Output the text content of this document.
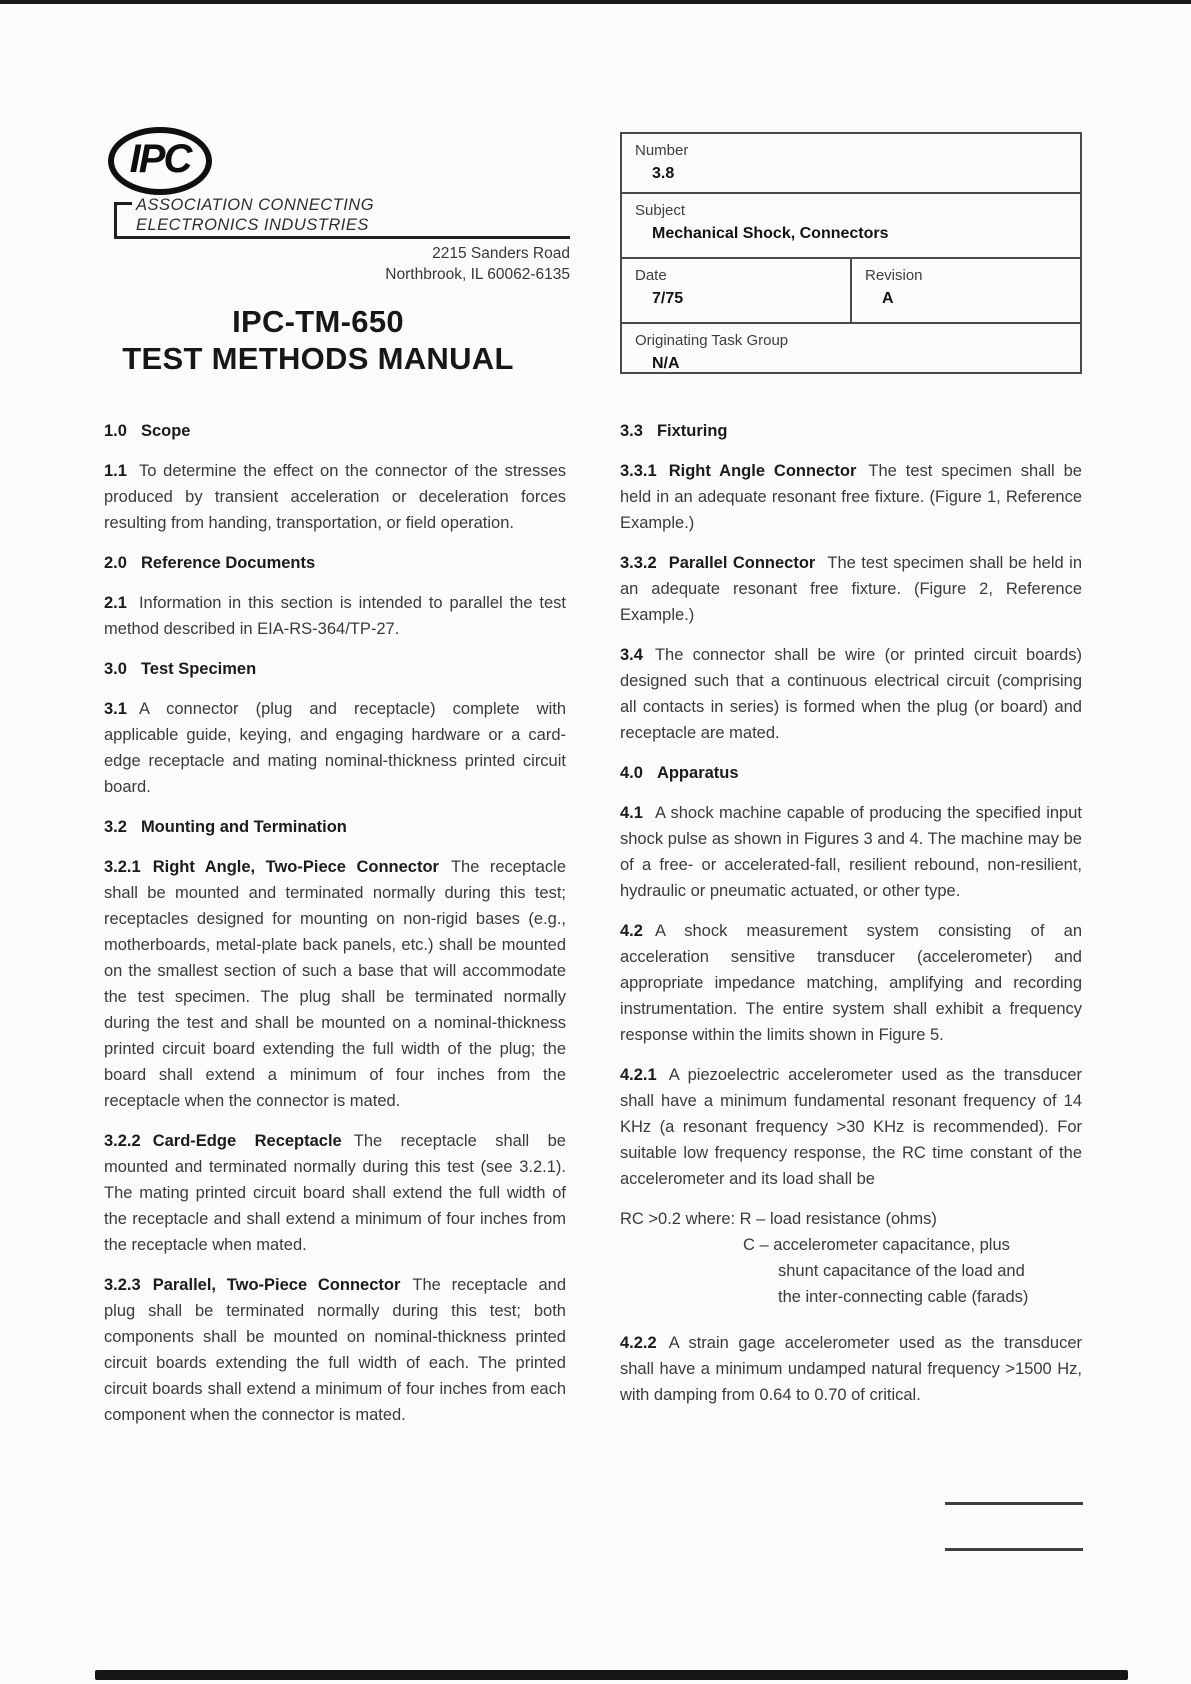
IPC
ASSOCIATION CONNECTING
ELECTRONICS INDUSTRIES
2215 Sanders Road
Northbrook, IL 60062-6135
IPC-TM-650
TEST METHODS MANUAL
Number
3.8
Subject
Mechanical Shock, Connectors
Date
7/75
Revision
A
Originating Task Group
N/A
1.0 Scope
1.1 To determine the effect on the connector of the stresses produced by transient acceleration or deceleration forces resulting from handing, transportation, or field operation.
2.0 Reference Documents
2.1 Information in this section is intended to parallel the test method described in EIA-RS-364/TP-27.
3.0 Test Specimen
3.1 A connector (plug and receptacle) complete with applicable guide, keying, and engaging hardware or a card- edge receptacle and mating nominal-thickness printed circuit board.
3.2 Mounting and Termination
3.2.1 Right Angle, Two-Piece Connector The receptacle shall be mounted and terminated normally during this test; receptacles designed for mounting on non-rigid bases (e.g., motherboards, metal-plate back panels, etc.) shall be mounted on the smallest section of such a base that will accommodate the test specimen. The plug shall be terminated normally during the test and shall be mounted on a nominal-thickness printed circuit board extending the full width of the plug; the board shall extend a minimum of four inches from the receptacle when the connector is mated.
3.2.2 Card-Edge Receptacle The receptacle shall be mounted and terminated normally during this test (see 3.2.1). The mating printed circuit board shall extend the full width of the receptacle and shall extend a minimum of four inches from the receptacle when mated.
3.2.3 Parallel, Two-Piece Connector The receptacle and plug shall be terminated normally during this test; both components shall be mounted on nominal-thickness printed circuit boards extending the full width of each. The printed circuit boards shall extend a minimum of four inches from each component when the connector is mated.
3.3 Fixturing
3.3.1 Right Angle Connector The test specimen shall be held in an adequate resonant free fixture. (Figure 1, Reference Example.)
3.3.2 Parallel Connector The test specimen shall be held in an adequate resonant free fixture. (Figure 2, Reference Example.)
3.4 The connector shall be wire (or printed circuit boards) designed such that a continuous electrical circuit (comprising all contacts in series) is formed when the plug (or board) and receptacle are mated.
4.0 Apparatus
4.1 A shock machine capable of producing the specified input shock pulse as shown in Figures 3 and 4. The machine may be of a free- or accelerated-fall, resilient rebound, non-resilient, hydraulic or pneumatic actuated, or other type.
4.2 A shock measurement system consisting of an acceleration sensitive transducer (accelerometer) and appropriate impedance matching, amplifying and recording instrumentation. The entire system shall exhibit a frequency response within the limits shown in Figure 5.
4.2.1 A piezoelectric accelerometer used as the transducer shall have a minimum fundamental resonant frequency of 14 KHz (a resonant frequency >30 KHz is recommended). For suitable low frequency response, the RC time constant of the accelerometer and its load shall be
RC >0.2 where: R – load resistance (ohms)
C – accelerometer capacitance, plus
shunt capacitance of the load and
the inter-connecting cable (farads)
4.2.2 A strain gage accelerometer used as the transducer shall have a minimum undamped natural frequency >1500 Hz, with damping from 0.64 to 0.70 of critical.
